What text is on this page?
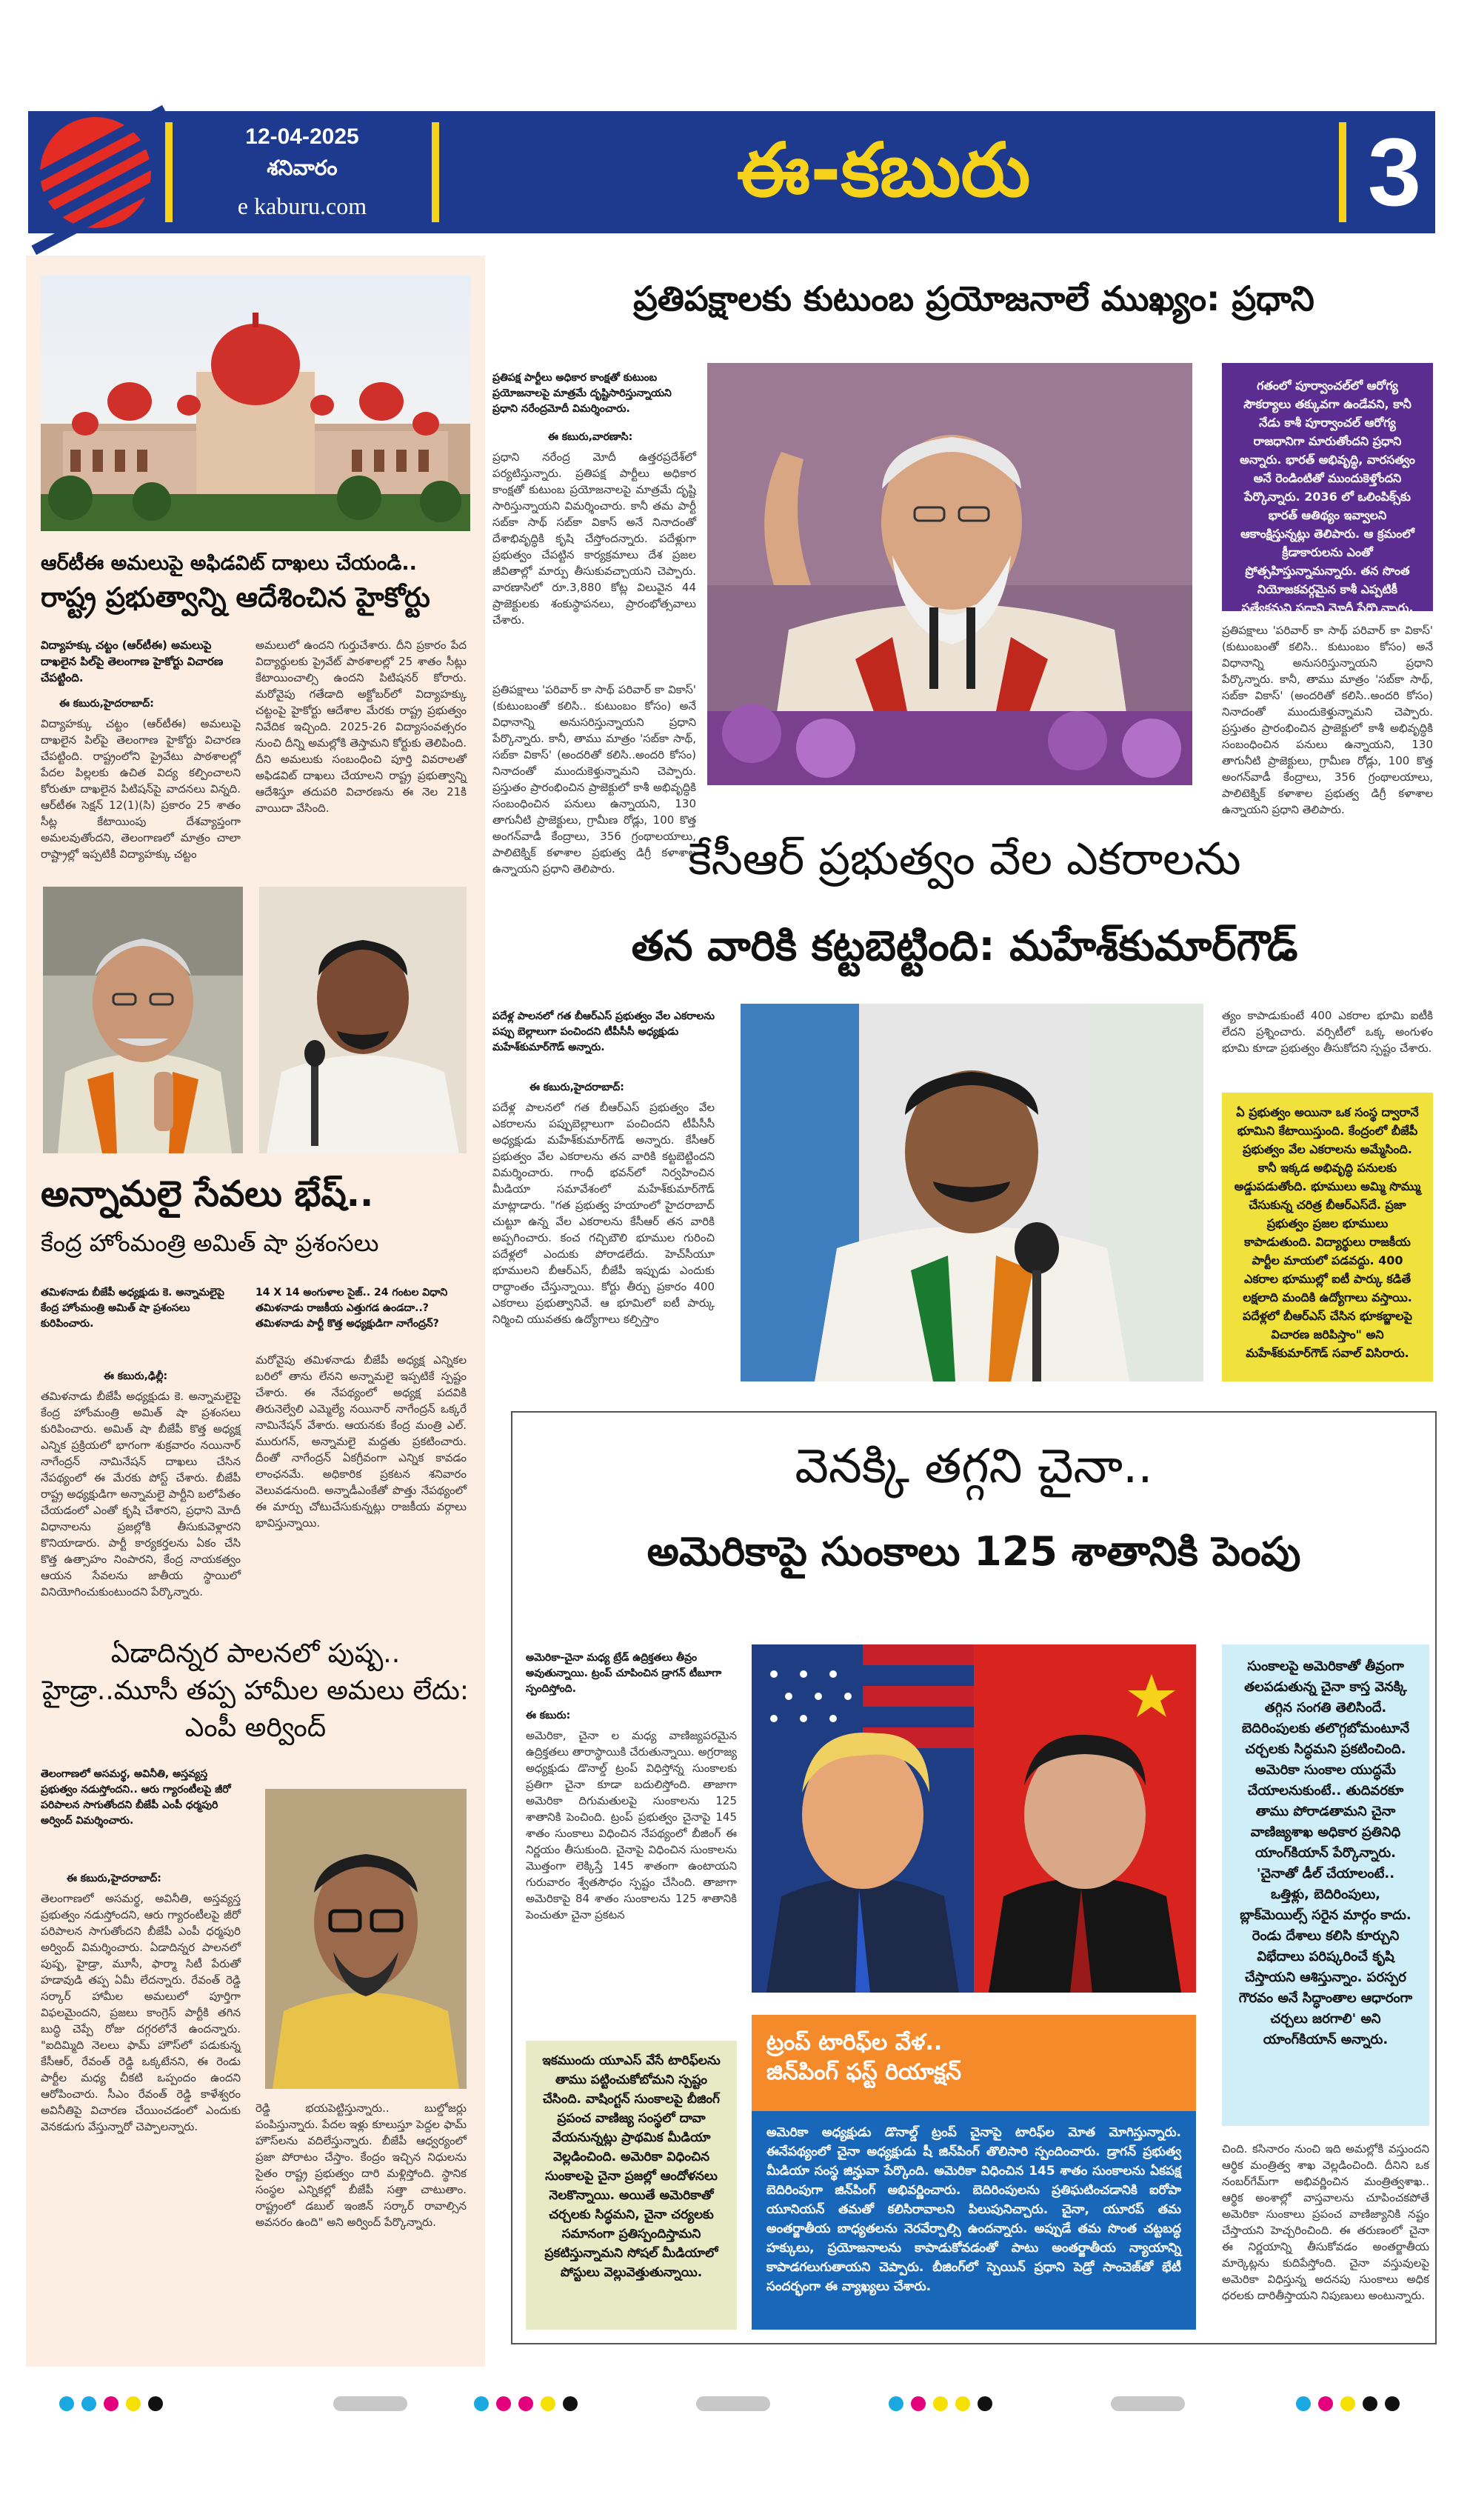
12-04-2025
శనివారం
e kaburu.com	ఈ-కబురు	3
ఆర్‌టీఈ అమలుపై అఫిడవిట్ దాఖలు చేయండి..
రాష్ట్ర ప్రభుత్వాన్ని ఆదేశించిన హైకోర్టు
విద్యాహక్కు చట్టం (ఆర్‌టీఈ) అమలుపై దాఖలైన పిల్‌పై తెలంగాణ హైకోర్టు విచారణ చేపట్టింది.
ఈ కబురు,హైదరాబాద్:
విద్యాహక్కు చట్టం (ఆర్‌టీఈ) అమలుపై దాఖలైన పిల్‌పై తెలంగాణ హైకోర్టు విచారణ చేపట్టింది. రాష్ట్రంలోని ప్రైవేటు పాఠశాలల్లో పేదల పిల్లలకు ఉచిత విద్య కల్పించాలని కోరుతూ దాఖలైన పిటిషన్‌పై వాదనలు విన్నది. ఆర్‌టీఈ సెక్షన్ 12(1)(సి) ప్రకారం 25 శాతం సీట్ల కేటాయింపు దేశవ్యాప్తంగా అమలవుతోందని, తెలంగాణలో మాత్రం చాలా రాష్ట్రాల్లో ఇప్పటికీ విద్యాహక్కు చట్టం
అమలులో ఉందని గుర్తుచేశారు. దీని ప్రకారం పేద విద్యార్థులకు ప్రైవేట్ పాఠశాలల్లో 25 శాతం సీట్లు కేటాయించాల్సి ఉందని పిటిషనర్ కోరారు. మరోవైపు గతేడాది అక్టోబర్‌లో విద్యాహక్కు చట్టంపై హైకోర్టు ఆదేశాల మేరకు రాష్ట్ర ప్రభుత్వం నివేదిక ఇచ్చింది. 2025-26 విద్యాసంవత్సరం నుంచి దీన్ని అమల్లోకి తెస్తామని కోర్టుకు తెలిపింది. దీని అమలుకు సంబంధించి పూర్తి వివరాలతో అఫిడవిట్ దాఖలు చేయాలని రాష్ట్ర ప్రభుత్వాన్ని ఆదేశిస్తూ తదుపరి విచారణను ఈ నెల 21కి వాయిదా వేసింది.
అన్నామలై సేవలు భేష్..
కేంద్ర హోంమంత్రి అమిత్ షా ప్రశంసలు
తమిళనాడు బీజేపీ అధ్యక్షుడు కె. అన్నామలైపై కేంద్ర హోంమంత్రి అమిత్ షా ప్రశంసలు కురిపించారు.
ఈ కబురు,ఢిల్లీ:
తమిళనాడు బీజేపీ అధ్యక్షుడు కె. అన్నామలైపై కేంద్ర హోంమంత్రి అమిత్ షా ప్రశంసలు కురిపించారు. అమిత్ షా బీజేపీ కొత్త అధ్యక్ష ఎన్నిక ప్రక్రియలో భాగంగా శుక్రవారం నయినార్ నాగేంద్రన్ నామినేషన్ దాఖలు చేసిన నేపథ్యంలో ఈ మేరకు పోస్ట్ చేశారు. బీజేపీ రాష్ట్ర అధ్యక్షుడిగా అన్నామలై పార్టీని బలోపేతం చేయడంలో ఎంతో కృషి చేశారని, ప్రధాని మోదీ విధానాలను ప్రజల్లోకి తీసుకువెళ్లారని కొనియాడారు. పార్టీ కార్యకర్తలను ఏకం చేసి కొత్త ఉత్సాహం నింపారని, కేంద్ర నాయకత్వం ఆయన సేవలను జాతీయ స్థాయిలో వినియోగించుకుంటుందని పేర్కొన్నారు.
14 X 14 అంగుళాల సైజ్.. 24 గంటల విధాని తమిళనాడు రాజకీయ ఎత్తుగడ ఉండదా..? తమిళనాడు పార్టీ కొత్త అధ్యక్షుడిగా నాగేంద్రన్?
మరోవైపు తమిళనాడు బీజేపీ అధ్యక్ష ఎన్నికల బరిలో తాను లేనని అన్నామలై ఇప్పటికే స్పష్టం చేశారు. ఈ నేపథ్యంలో అధ్యక్ష పదవికి తిరునెల్వేలి ఎమ్మెల్యే నయినార్ నాగేంద్రన్ ఒక్కరే నామినేషన్ వేశారు. ఆయనకు కేంద్ర మంత్రి ఎల్. మురుగన్, అన్నామలై మద్దతు ప్రకటించారు. దీంతో నాగేంద్రన్ ఏకగ్రీవంగా ఎన్నిక కావడం లాంఛనమే. అధికారిక ప్రకటన శనివారం వెలువడనుంది. అన్నాడీఎంకేతో పొత్తు నేపథ్యంలో ఈ మార్పు చోటుచేసుకున్నట్లు రాజకీయ వర్గాలు భావిస్తున్నాయి.
ఏడాదిన్నర పాలనలో పుష్ప..
హైడ్రా..మూసీ తప్ప హామీల అమలు లేదు:
ఎంపీ అర్వింద్
తెలంగాణలో అసమర్థ, అవినీతి, అస్తవ్యస్త ప్రభుత్వం నడుస్తోందని.. ఆరు గ్యారంటీలపై జీరో పరిపాలన సాగుతోందని బీజేపీ ఎంపీ ధర్మపురి అర్వింద్ విమర్శించారు.
ఈ కబురు,హైదరాబాద్:
తెలంగాణలో అసమర్థ, అవినీతి, అస్తవ్యస్త ప్రభుత్వం నడుస్తోందని, ఆరు గ్యారంటీలపై జీరో పరిపాలన సాగుతోందని బీజేపీ ఎంపీ ధర్మపురి అర్వింద్ విమర్శించారు. ఏడాదిన్నర పాలనలో పుష్ప, హైడ్రా, మూసీ, ఫార్మా సిటీ పేరుతో హడావుడి తప్ప ఏమీ లేదన్నారు. రేవంత్ రెడ్డి సర్కార్ హామీల అమలులో పూర్తిగా విఫలమైందని, ప్రజలు కాంగ్రెస్ పార్టీకి తగిన బుద్ధి చెప్పే రోజు దగ్గరలోనే ఉందన్నారు. "ఐదిమ్మిది నెలలు ఫామ్ హౌస్‌లో పడుకున్న కేసీఆర్, రేవంత్ రెడ్డి ఒక్కటేనని, ఈ రెండు పార్టీల మధ్య చీకటి ఒప్పందం ఉందని ఆరోపించారు. సీఎం రేవంత్ రెడ్డి కాళేశ్వరం అవినీతిపై విచారణ చేయించడంలో ఎందుకు వెనకడుగు వేస్తున్నారో చెప్పాలన్నారు.
రెడ్డి భయపెట్టిస్తున్నారు.. బుల్డోజర్లు పంపిస్తున్నారు. పేదల ఇళ్లు కూలుస్తూ పెద్దల ఫామ్ హౌస్‌లను వదిలేస్తున్నారు. బీజేపీ ఆధ్వర్యంలో ప్రజా పోరాటం చేస్తాం. కేంద్రం ఇచ్చిన నిధులను సైతం రాష్ట్ర ప్రభుత్వం దారి మళ్లిస్తోంది. స్థానిక సంస్థల ఎన్నికల్లో బీజేపీ సత్తా చాటుతాం. రాష్ట్రంలో డబుల్ ఇంజిన్ సర్కార్ రావాల్సిన అవసరం ఉంది" అని అర్వింద్ పేర్కొన్నారు.
ప్రతిపక్షాలకు కుటుంబ ప్రయోజనాలే ముఖ్యం: ప్రధాని
ప్రతిపక్ష పార్టీలు అధికార కాంక్షతో కుటుంబ ప్రయోజనాలపై మాత్రమే దృష్టిసారిస్తున్నాయని ప్రధాని నరేంద్రమోదీ విమర్శించారు.
ఈ కబురు,వారణాసి:
ప్రధాని నరేంద్ర మోదీ ఉత్తరప్రదేశ్‌లో పర్యటిస్తున్నారు. ప్రతిపక్ష పార్టీలు అధికార కాంక్షతో కుటుంబ ప్రయోజనాలపై మాత్రమే దృష్టి సారిస్తున్నాయని విమర్శించారు. కానీ తమ పార్టీ సబ్‌కా సాథ్ సబ్‌కా వికాస్ అనే నినాదంతో దేశాభివృద్ధికి కృషి చేస్తోందన్నారు. పదేళ్లుగా ప్రభుత్వం చేపట్టిన కార్యక్రమాలు దేశ ప్రజల జీవితాల్లో మార్పు తీసుకువచ్చాయని చెప్పారు. వారణాసిలో రూ.3,880 కోట్ల విలువైన 44 ప్రాజెక్టులకు శంకుస్థాపనలు, ప్రారంభోత్సవాలు చేశారు.
ప్రతిపక్షాలు 'పరివార్ కా సాథ్ పరివార్ కా వికాస్' (కుటుంబంతో కలిసి.. కుటుంబం కోసం) అనే విధానాన్ని అనుసరిస్తున్నాయని ప్రధాని పేర్కొన్నారు. కానీ, తాము మాత్రం 'సబ్‌కా సాథ్, సబ్‌కా వికాస్' (అందరితో కలిసి..అందరి కోసం) నినాదంతో ముందుకెళ్తున్నామని చెప్పారు. ప్రస్తుతం ప్రారంభించిన ప్రాజెక్టులో కాశీ అభివృద్ధికి సంబంధించిన పనులు ఉన్నాయని, 130 తాగునీటి ప్రాజెక్టులు, గ్రామీణ రోడ్లు, 100 కొత్త అంగన్‌వాడీ కేంద్రాలు, 356 గ్రంథాలయాలు, పాలిటెక్నిక్ కళాశాల ప్రభుత్వ డిగ్రీ కళాశాల ఉన్నాయని ప్రధాని తెలిపారు.
గతంలో పూర్వాంచల్‌లో ఆరోగ్య సౌకర్యాలు తక్కువగా ఉండేవని, కానీ నేడు కాశీ పూర్వాంచల్ ఆరోగ్య రాజధానిగా మారుతోందని ప్రధాని అన్నారు. భారత్ అభివృద్ధి, వారసత్వం అనే రెండింటితో ముందుకెళ్తోందని పేర్కొన్నారు. 2036 లో ఒలింపిక్స్‌కు భారత్ ఆతిథ్యం ఇవ్వాలని ఆకాంక్షిస్తున్నట్లు తెలిపారు. ఆ క్రమంలో క్రీడాకారులను ఎంతో ప్రోత్సహిస్తున్నామన్నారు. తన సొంత నియోజకవర్గమైన కాశీ ఎప్పటికీ ప్రత్యేకమని ప్రధాని మోదీ పేర్కొన్నారు.
ప్రతిపక్షాలు 'పరివార్ కా సాథ్ పరివార్ కా వికాస్' (కుటుంబంతో కలిసి.. కుటుంబం కోసం) అనే విధానాన్ని అనుసరిస్తున్నాయని ప్రధాని పేర్కొన్నారు. కానీ, తాము మాత్రం 'సబ్‌కా సాథ్, సబ్‌కా వికాస్' (అందరితో కలిసి..అందరి కోసం) నినాదంతో ముందుకెళ్తున్నామని చెప్పారు. ప్రస్తుతం ప్రారంభించిన ప్రాజెక్టులో కాశీ అభివృద్ధికి సంబంధించిన పనులు ఉన్నాయని, 130 తాగునీటి ప్రాజెక్టులు, గ్రామీణ రోడ్లు, 100 కొత్త అంగన్‌వాడీ కేంద్రాలు, 356 గ్రంథాలయాలు, పాలిటెక్నిక్ కళాశాల ప్రభుత్వ డిగ్రీ కళాశాల ఉన్నాయని ప్రధాని తెలిపారు.
కేసీఆర్ ప్రభుత్వం వేల ఎకరాలను
తన వారికి కట్టబెట్టింది: మహేశ్‌కుమార్‌గౌడ్
పదేళ్ల పాలనలో గత బీఆర్ఎస్ ప్రభుత్వం వేల ఎకరాలను పప్పు బెల్లాలుగా పంచిందని టీపీసీసీ అధ్యక్షుడు మహేశ్‌కుమార్‌గౌడ్ అన్నారు.
ఈ కబురు,హైదరాబాద్:
పదేళ్ల పాలనలో గత బీఆర్ఎస్ ప్రభుత్వం వేల ఎకరాలను పప్పుబెల్లాలుగా పంచిందని టీపీసీసీ అధ్యక్షుడు మహేశ్‌కుమార్‌గౌడ్ అన్నారు. కేసీఆర్ ప్రభుత్వం వేల ఎకరాలను తన వారికి కట్టబెట్టిందని విమర్శించారు. గాంధీ భవన్‌లో నిర్వహించిన మీడియా సమావేశంలో మహేశ్‌కుమార్‌గౌడ్ మాట్లాడారు. "గత ప్రభుత్వ హయాంలో హైదరాబాద్ చుట్టూ ఉన్న వేల ఎకరాలను కేసీఆర్ తన వారికి అప్పగించారు. కంచ గచ్చిబౌలి భూముల గురించి పదేళ్లలో ఎందుకు పోరాడలేదు. హెచ్‌సీయూ భూములని బీఆర్ఎస్, బీజేపీ ఇప్పుడు ఎందుకు రాద్ధాంతం చేస్తున్నాయి. కోర్టు తీర్పు ప్రకారం 400 ఎకరాలు ప్రభుత్వానివే. ఆ భూమిలో ఐటీ పార్కు నిర్మించి యువతకు ఉద్యోగాలు కల్పిస్తాం
త్యం కాపాడుకుంటే 400 ఎకరాల భూమి ఐటీకి లేదని ప్రశ్నించారు. వర్సిటీలో ఒక్క అంగుళం భూమి కూడా ప్రభుత్వం తీసుకోదని స్పష్టం చేశారు.
ఏ ప్రభుత్వం అయినా ఒక సంస్థ ద్వారానే భూమిని కేటాయిస్తుంది. కేంద్రంలో బీజేపీ ప్రభుత్వం వేల ఎకరాలను అమ్మేసింది. కానీ ఇక్కడ అభివృద్ధి పనులకు అడ్డుపడుతోంది. భూములు అమ్మి సొమ్ము చేసుకున్న చరిత్ర బీఆర్ఎస్‌దే. ప్రజా ప్రభుత్వం ప్రజల భూములు కాపాడుతుంది. విద్యార్థులు రాజకీయ పార్టీల మాయలో పడవద్దు. 400 ఎకరాల భూముల్లో ఐటీ పార్కు కడితే లక్షలాది మందికి ఉద్యోగాలు వస్తాయి. పదేళ్లలో బీఆర్ఎస్ చేసిన భూకబ్జాలపై విచారణ జరిపిస్తాం" అని మహేశ్‌కుమార్‌గౌడ్ సవాల్ విసిరారు.
వెనక్కి తగ్గని చైనా..
అమెరికాపై సుంకాలు 125 శాతానికి పెంపు
అమెరికా-చైనా మధ్య ట్రేడ్ ఉద్రిక్తతలు తీవ్రం అవుతున్నాయి. ట్రంప్ చూపించిన డ్రాగన్ టీబూగా స్పందిస్తోంది.
ఈ కబురు:
అమెరికా, చైనా ల మధ్య వాణిజ్యపరమైన ఉద్రిక్తతలు తారాస్థాయికి చేరుతున్నాయి. అగ్రరాజ్య అధ్యక్షుడు డొనాల్డ్ ట్రంప్ విధిస్తోన్న సుంకాలకు ప్రతిగా చైనా కూడా బదులిస్తోంది. తాజాగా అమెరికా దిగుమతులపై సుంకాలను 125 శాతానికి పెంచింది. ట్రంప్ ప్రభుత్వం చైనాపై 145 శాతం సుంకాలు విధించిన నేపథ్యంలో బీజింగ్ ఈ నిర్ణయం తీసుకుంది. చైనాపై విధించిన సుంకాలను మొత్తంగా లెక్కిస్తే 145 శాతంగా ఉంటాయని గురువారం శ్వేతసౌధం స్పష్టం చేసింది. తాజాగా అమెరికాపై 84 శాతం సుంకాలను 125 శాతానికి పెంచుతూ చైనా ప్రకటన
సుంకాలపై అమెరికాతో తీవ్రంగా తలపడుతున్న చైనా కాస్త వెనక్కి తగ్గిన సంగతి తెలిసిందే. బెదిరింపులకు తలొగ్గబోమంటూనే చర్చలకు సిద్ధమని ప్రకటించింది. అమెరికా సుంకాల యుద్ధమే చేయాలనుకుంటే.. తుదివరకూ తాము పోరాడతామని చైనా వాణిజ్యశాఖ అధికార ప్రతినిధి యాంగ్‌కియాన్ పేర్కొన్నారు. 'చైనాతో డీల్ చేయాలంటే.. ఒత్తిళ్లు, బెదిరింపులు, బ్లాక్‌మెయిల్స్ సరైన మార్గం కాదు. రెండు దేశాలు కలిసి కూర్చుని విభేదాలు పరిష్కరించే కృషి చేస్తాయని ఆశిస్తున్నాం. పరస్పర గౌరవం అనే సిద్ధాంతాల ఆధారంగా చర్చలు జరగాలి' అని యాంగ్‌కియాన్ అన్నారు.
ఇకముందు యూఎస్ వేసే టారిఫ్‌లను తాము పట్టించుకోబోమని స్పష్టం చేసింది. వాషింగ్టన్ సుంకాలపై బీజింగ్ ప్రపంచ వాణిజ్య సంస్థలో దావా వేయనున్నట్లు ప్రాథమిక మీడియా వెల్లడించింది. అమెరికా విధించిన సుంకాలపై చైనా ప్రజల్లో ఆందోళనలు నెలకొన్నాయి. అయితే అమెరికాతో చర్చలకు సిద్ధమని, చైనా చర్యలకు సమానంగా ప్రతిస్పందిస్తామని ప్రకటిస్తున్నామని సోషల్ మీడియాలో పోస్టులు వెల్లువెత్తుతున్నాయి.
ట్రంప్ టారిఫ్‌ల వేళ..
జిన్‌పింగ్ ఫస్ట్ రియాక్షన్
అమెరికా అధ్యక్షుడు డొనాల్డ్ ట్రంప్ చైనాపై టారిఫ్‌ల మోత మోగిస్తున్నారు. ఈనేపథ్యంలో చైనా అధ్యక్షుడు షీ జిన్‌పింగ్ తొలిసారి స్పందించారు. డ్రాగన్ ప్రభుత్వ మీడియా సంస్థ జిన్హువా పేర్కొంది. అమెరికా విధించిన 145 శాతం సుంకాలను ఏకపక్ష బెదిరింపుగా జిన్‌పింగ్ అభివర్ణించారు. బెదిరింపులను ప్రతిఘటించడానికి ఐరోపా యూనియన్ తమతో కలిసిరావాలని పిలుపునిచ్చారు. చైనా, యూరప్ తమ అంతర్జాతీయ బాధ్యతలను నెరవేర్చాల్సి ఉందన్నారు. అప్పుడే తమ సొంత చట్టబద్ధ హక్కులు, ప్రయోజనాలను కాపాడుకోవడంతో పాటు అంతర్జాతీయ న్యాయాన్ని కాపాడగలుగుతాయని చెప్పారు. బీజింగ్‌లో స్పెయిన్ ప్రధాని పెడ్రో సాంచెజ్‌తో భేటీ సందర్భంగా ఈ వ్యాఖ్యలు చేశారు.
చింది. కసినారం నుంచి ఇది అమల్లోకి వస్తుందని ఆర్థిక మంత్రిత్వ శాఖ వెల్లడించింది. దీనిని ఒక నంబర్‌గేమ్‌గా అభివర్ణించిన మంత్రిత్వశాఖ.. ఆర్థిక అంశాల్లో వాస్తవాలను చూపించకపోతే అమెరికా సుంకాలు ప్రపంచ వాణిజ్యానికి నష్టం చేస్తాయని హెచ్చరించింది. ఈ తరుణంలో చైనా ఈ నిర్ణయాన్ని తీసుకోవడం అంతర్జాతీయ మార్కెట్లను కుదిపేస్తోంది. చైనా వస్తువులపై అమెరికా విధిస్తున్న అదనపు సుంకాలు అధిక ధరలకు దారితీస్తాయని నిపుణులు అంటున్నారు.
